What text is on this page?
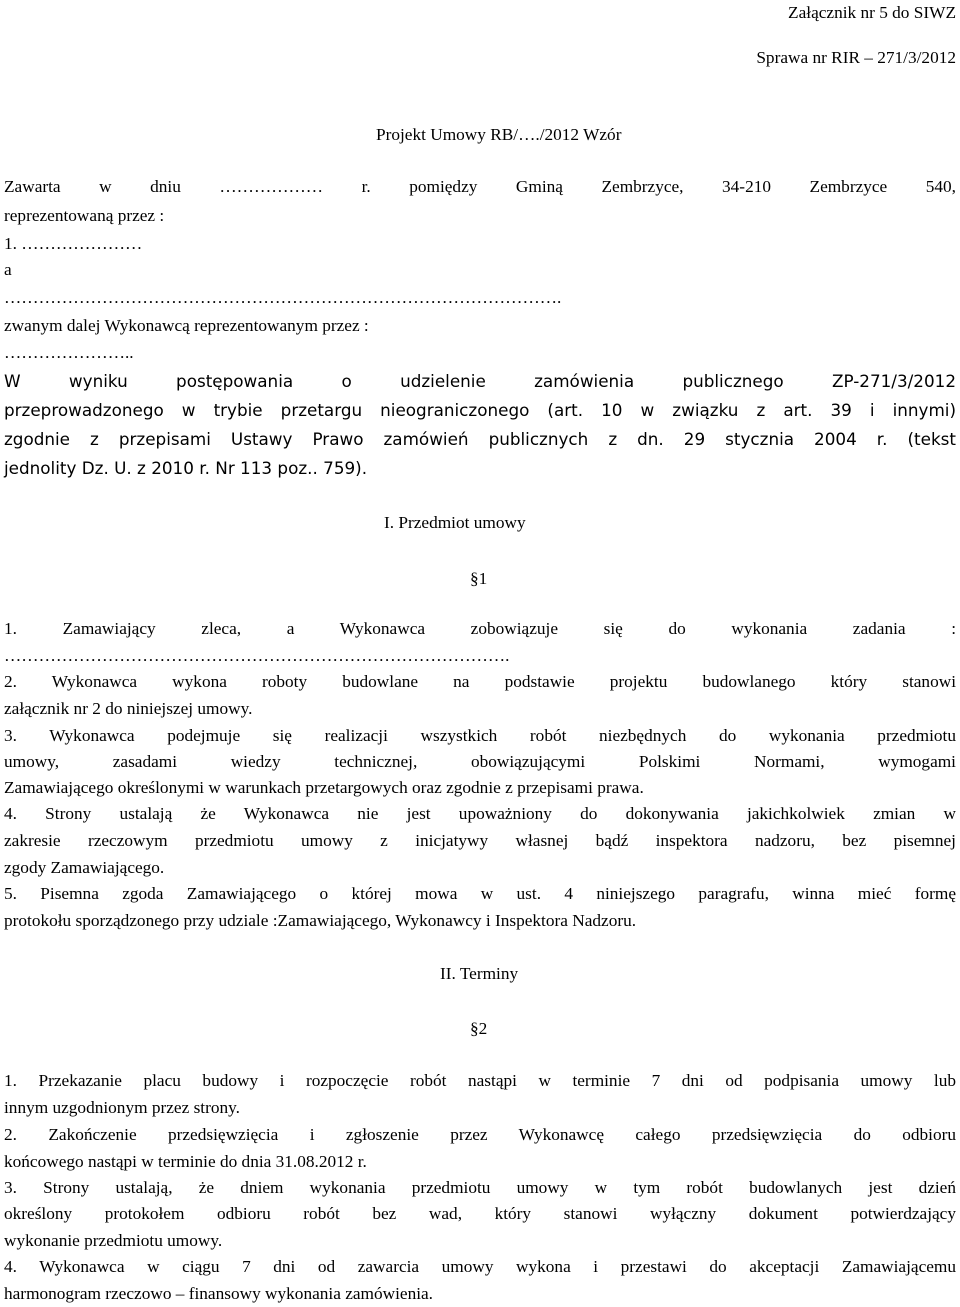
Załącznik nr 5 do SIWZ
Sprawa nr RIR – 271/3/2012
Projekt Umowy RB/…./2012 Wzór
Zawarta w dniu ……………… r. pomiędzy Gminą Zembrzyce, 34-210 Zembrzyce 540,
reprezentowaną przez :
1. …………………
a
…………………………………………………………………………………….
zwanym dalej Wykonawcą reprezentowanym przez :
…………………..
W wyniku postępowania o udzielenie zamówienia publicznego ZP-271/3/2012
przeprowadzonego w trybie przetargu nieograniczonego (art. 10 w związku z art. 39 i innymi)
zgodnie z przepisami Ustawy Prawo zamówień publicznych z dn. 29 stycznia 2004 r. (tekst
jednolity Dz. U. z 2010 r. Nr 113 poz.. 759).
I. Przedmiot umowy
§1
1. Zamawiający zleca, a Wykonawca zobowiązuje się do wykonania zadania :
…………………………………………………………………………….
2. Wykonawca wykona roboty budowlane na podstawie projektu budowlanego który stanowi
załącznik nr 2 do niniejszej umowy.
3. Wykonawca podejmuje się realizacji wszystkich robót niezbędnych do wykonania przedmiotu
umowy, zasadami wiedzy technicznej, obowiązującymi Polskimi Normami, wymogami
Zamawiającego określonymi w warunkach przetargowych oraz zgodnie z przepisami prawa.
4. Strony ustalają że Wykonawca nie jest upoważniony do dokonywania jakichkolwiek zmian w
zakresie rzeczowym przedmiotu umowy z inicjatywy własnej bądź inspektora nadzoru, bez pisemnej
zgody Zamawiającego.
5. Pisemna zgoda Zamawiającego o której mowa w ust. 4 niniejszego paragrafu, winna mieć formę
protokołu sporządzonego przy udziale :Zamawiającego, Wykonawcy i Inspektora Nadzoru.
II. Terminy
§2
1. Przekazanie placu budowy i rozpoczęcie robót nastąpi w terminie 7 dni od podpisania umowy lub
innym uzgodnionym przez strony.
2. Zakończenie przedsięwzięcia i zgłoszenie przez Wykonawcę całego przedsięwzięcia do odbioru
końcowego nastąpi w terminie do dnia 31.08.2012 r.
3. Strony ustalają, że dniem wykonania przedmiotu umowy w tym robót budowlanych jest dzień
określony protokołem odbioru robót bez wad, który stanowi wyłączny dokument potwierdzający
wykonanie przedmiotu umowy.
4. Wykonawca w ciągu 7 dni od zawarcia umowy wykona i przestawi do akceptacji Zamawiającemu
harmonogram rzeczowo – finansowy wykonania zamówienia.
